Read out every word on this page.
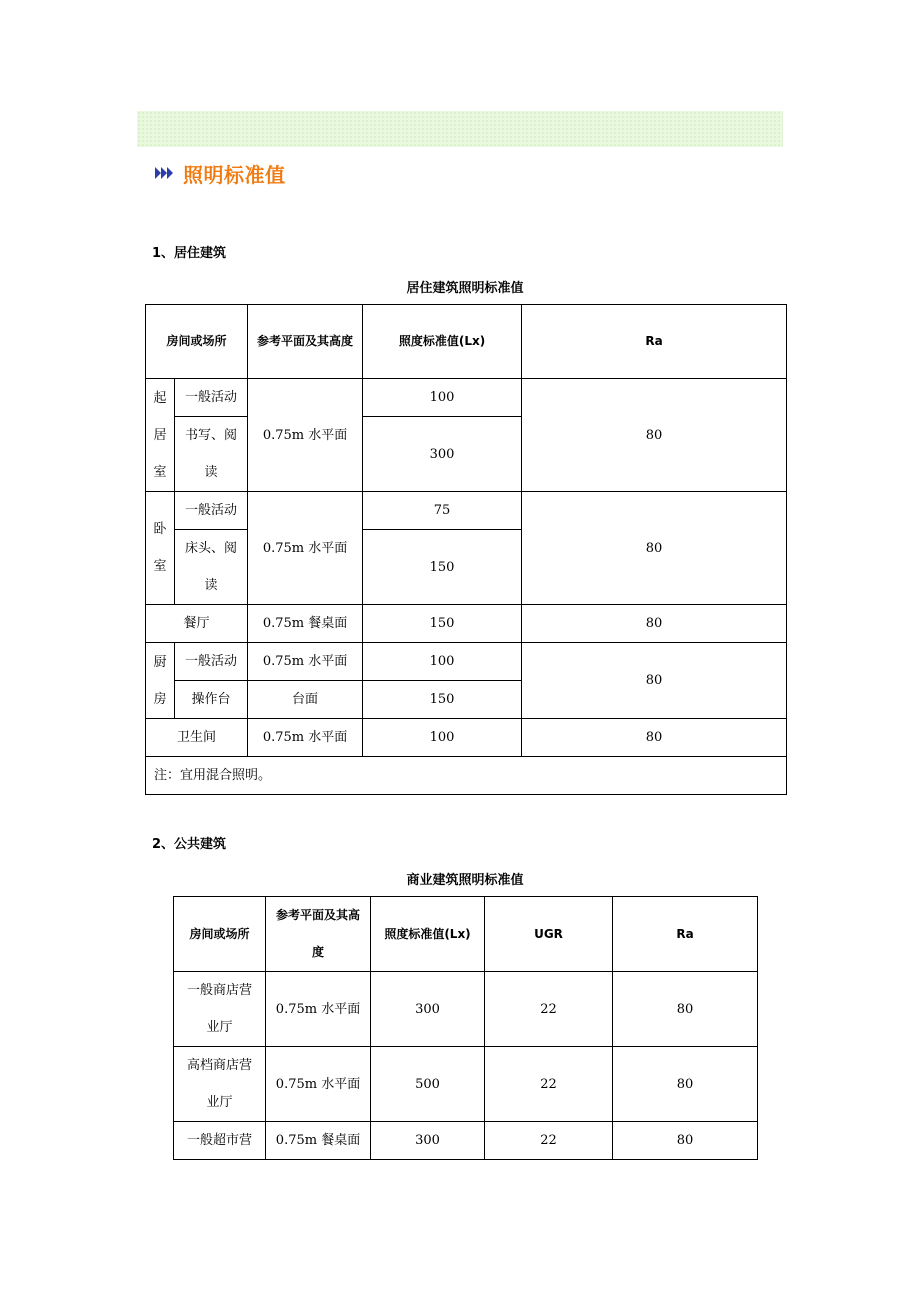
照明标准值
1、居住建筑
居住建筑照明标准值
房间或场所		参考平面及其高度	照度标准值(Lx)	Ra

起居室	一般活动	0.75m 水平面	100	80

	书写、阅读		300	

卧室	一般活动	0.75m 水平面	75	80

	床头、阅读		150	
餐厅		0.75m 餐桌面	150	80

厨房	一般活动	0.75m 水平面	100	80
	操作台	台面	150	
卫生间		0.75m 水平面	100	80
注：宜用混合照明。				
2、公共建筑
商业建筑照明标准值
房间或场所	参考平面及其高度	照度标准值(Lx)	UGR	Ra

一般商店营业厅	0.75m 水平面	300	22	80

高档商店营业厅	0.75m 水平面	500	22	80
一般超市营	0.75m 餐桌面	300	22	80
